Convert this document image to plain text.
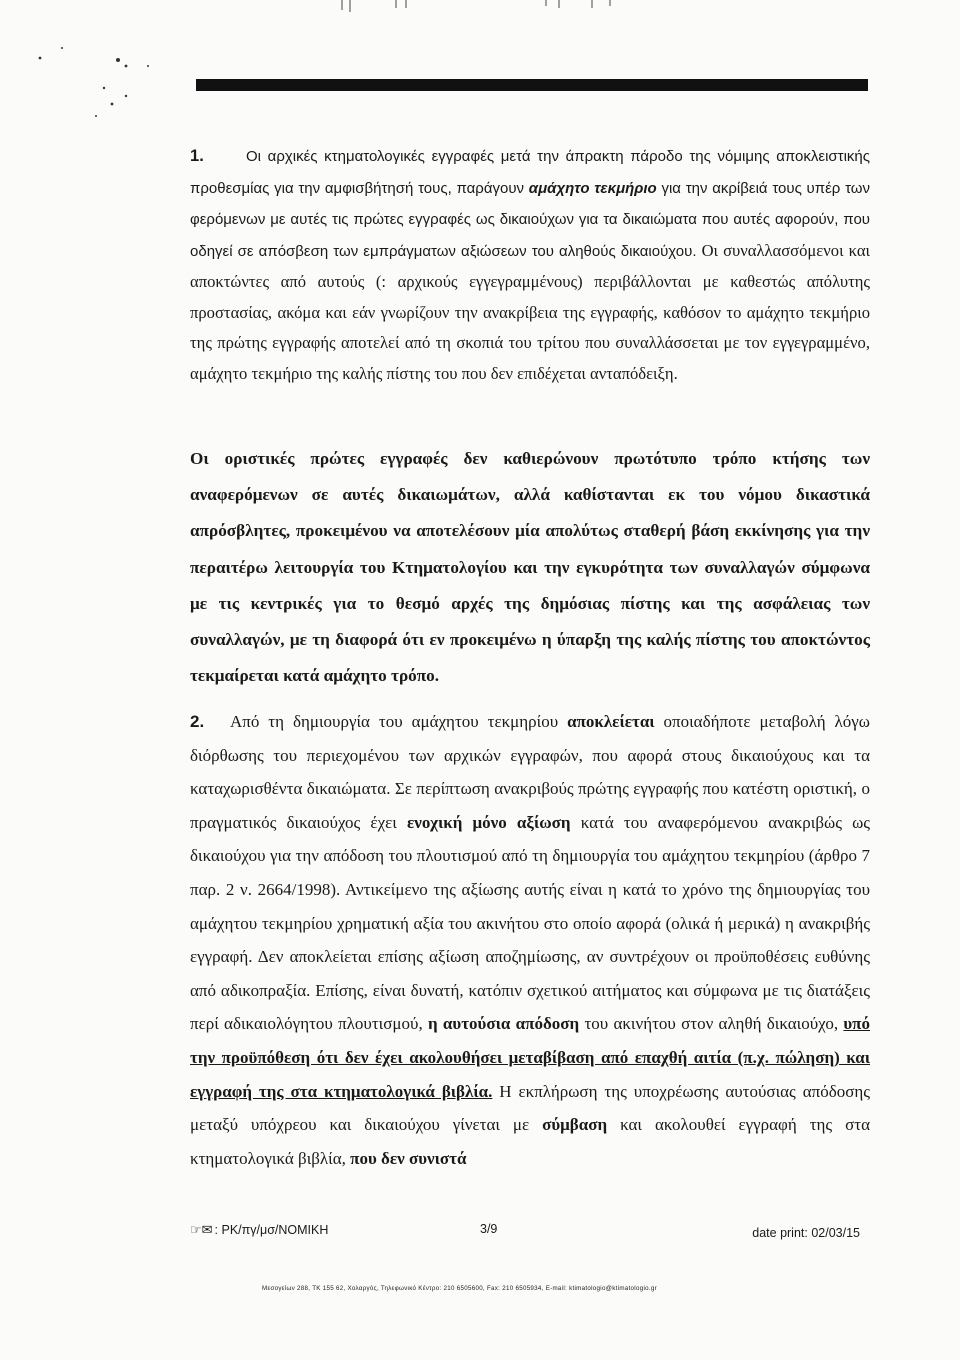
1.	Οι αρχικές κτηματολογικές εγγραφές μετά την άπρακτη πάροδο της νόμιμης αποκλειστικής προθεσμίας για την αμφισβήτησή τους, παράγουν αμάχητο τεκμήριο για την ακρίβειά τους υπέρ των φερόμενων με αυτές τις πρώτες εγγραφές ως δικαιούχων για τα δικαιώματα που αυτές αφορούν, που οδηγεί σε απόσβεση των εμπράγματων αξιώσεων του αληθούς δικαιούχου. Οι συναλλασσόμενοι και αποκτώντες από αυτούς (: αρχικούς εγγεγραμμένους) περιβάλλονται με καθεστώς απόλυτης προστασίας, ακόμα και εάν γνωρίζουν την ανακρίβεια της εγγραφής, καθόσον το αμάχητο τεκμήριο της πρώτης εγγραφής αποτελεί από τη σκοπιά του τρίτου που συναλλάσσεται με τον εγγεγραμμένο, αμάχητο τεκμήριο της καλής πίστης του που δεν επιδέχεται ανταπόδειξη.

Οι οριστικές πρώτες εγγραφές δεν καθιερώνουν πρωτότυπο τρόπο κτήσης των αναφερόμενων σε αυτές δικαιωμάτων, αλλά καθίστανται εκ του νόμου δικαστικά απρόσβλητες, προκειμένου να αποτελέσουν μία απολύτως σταθερή βάση εκκίνησης για την περαιτέρω λειτουργία του Κτηματολογίου και την εγκυρότητα των συναλλαγών σύμφωνα με τις κεντρικές για το θεσμό αρχές της δημόσιας πίστης και της ασφάλειας των συναλλαγών, με τη διαφορά ότι εν προκειμένω η ύπαρξη της καλής πίστης του αποκτώντος τεκμαίρεται κατά αμάχητο τρόπο.

2. Από τη δημιουργία του αμάχητου τεκμηρίου αποκλείεται οποιαδήποτε μεταβολή λόγω διόρθωσης του περιεχομένου των αρχικών εγγραφών, που αφορά στους δικαιούχους και τα καταχωρισθέντα δικαιώματα. Σε περίπτωση ανακριβούς πρώτης εγγραφής που κατέστη οριστική, ο πραγματικός δικαιούχος έχει ενοχική μόνο αξίωση κατά του αναφερόμενου ανακριβώς ως δικαιούχου για την απόδοση του πλουτισμού από τη δημιουργία του αμάχητου τεκμηρίου (άρθρο 7 παρ. 2 ν. 2664/1998). Αντικείμενο της αξίωσης αυτής είναι η κατά το χρόνο της δημιουργίας του αμάχητου τεκμηρίου χρηματική αξία του ακινήτου στο οποίο αφορά (ολικά ή μερικά) η ανακριβής εγγραφή. Δεν αποκλείεται επίσης αξίωση αποζημίωσης, αν συντρέχουν οι προϋποθέσεις ευθύνης από αδικοπραξία. Επίσης, είναι δυνατή, κατόπιν σχετικού αιτήματος και σύμφωνα με τις διατάξεις περί αδικαιολόγητου πλουτισμού, η αυτούσια απόδοση του ακινήτου στον αληθή δικαιούχο, υπό την προϋπόθεση ότι δεν έχει ακολουθήσει μεταβίβαση από επαχθή αιτία (π.χ. πώληση) και εγγραφή της στα κτηματολογικά βιβλία. Η εκπλήρωση της υποχρέωσης αυτούσιας απόδοσης μεταξύ υπόχρεου και δικαιούχου γίνεται με σύμβαση και ακολουθεί εγγραφή της στα κτηματολογικά βιβλία, που δεν συνιστά

☞✉ : PK/πγ/μσ/NOMIKH	3/9	date print: 02/03/15
Μεσογείων 288, ΤΚ 155 62, Χολαργός, Τηλεφωνικό Κέντρο: 210 6505600, Fax: 210 6505934, E-mail: ktimatologio@ktimatologio.gr
